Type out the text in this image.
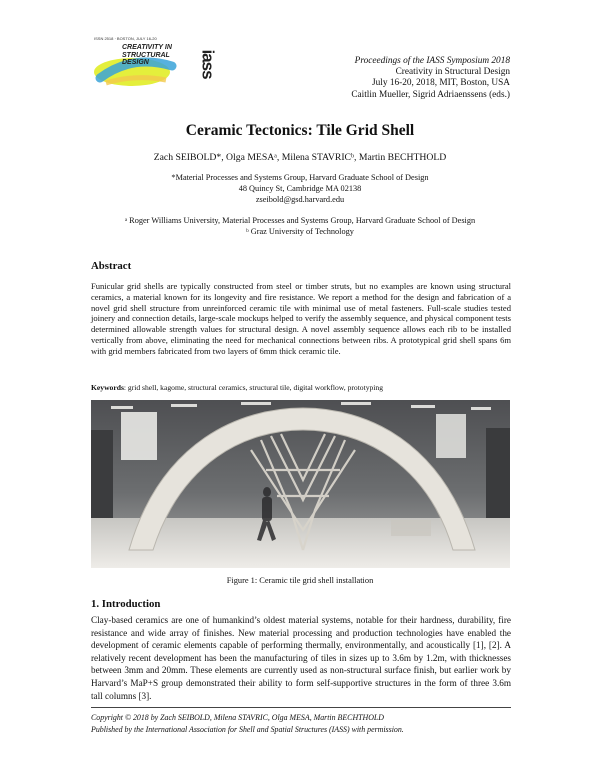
ISSN 2518 · BOSTON, JULY 16-20
CREATIVITY IN
STRUCTURAL
DESIGN	iass	Proceedings of the IASS Symposium 2018
Creativity in Structural Design
July 16-20, 2018, MIT, Boston, USA
Caitlin Mueller, Sigrid Adriaenssens (eds.)
Ceramic Tectonics: Tile Grid Shell
Zach SEIBOLD*, Olga MESAᵃ, Milena STAVRICᵇ, Martin BECHTHOLD
*Material Processes and Systems Group, Harvard Graduate School of Design
48 Quincy St, Cambridge MA 02138
zseibold@gsd.harvard.edu
ᵃ Roger Williams University, Material Processes and Systems Group, Harvard Graduate School of Design
ᵇ Graz University of Technology
Abstract
Funicular grid shells are typically constructed from steel or timber struts, but no examples are known using structural ceramics, a material known for its longevity and fire resistance. We report a method for the design and fabrication of a novel grid shell structure from unreinforced ceramic tile with minimal use of metal fasteners. Full-scale studies tested joinery and connection details, large-scale mockups helped to verify the assembly sequence, and physical component tests determined allowable strength values for structural design. A novel assembly sequence allows each rib to be installed vertically from above, eliminating the need for mechanical connections between ribs. A prototypical grid shell spans 6m with grid members fabricated from two layers of 6mm thick ceramic tile.
Keywords: grid shell, kagome, structural ceramics, structural tile, digital workflow, prototyping
Figure 1: Ceramic tile grid shell installation
1. Introduction
Clay-based ceramics are one of humankind’s oldest material systems, notable for their hardness, durability, fire resistance and wide array of finishes. New material processing and production technologies have enabled the development of ceramic elements capable of performing thermally, environmentally, and acoustically [1], [2]. A relatively recent development has been the manufacturing of tiles in sizes up to 3.6m by 1.2m, with thicknesses between 3mm and 20mm. These elements are currently used as non-structural surface finish, but earlier work by Harvard’s MaP+S group demonstrated their ability to form self-supportive structures in the form of three 3.6m tall columns [3].
Copyright © 2018 by Zach SEIBOLD, Milena STAVRIC, Olga MESA, Martin BECHTHOLD
Published by the International Association for Shell and Spatial Structures (IASS) with permission.
